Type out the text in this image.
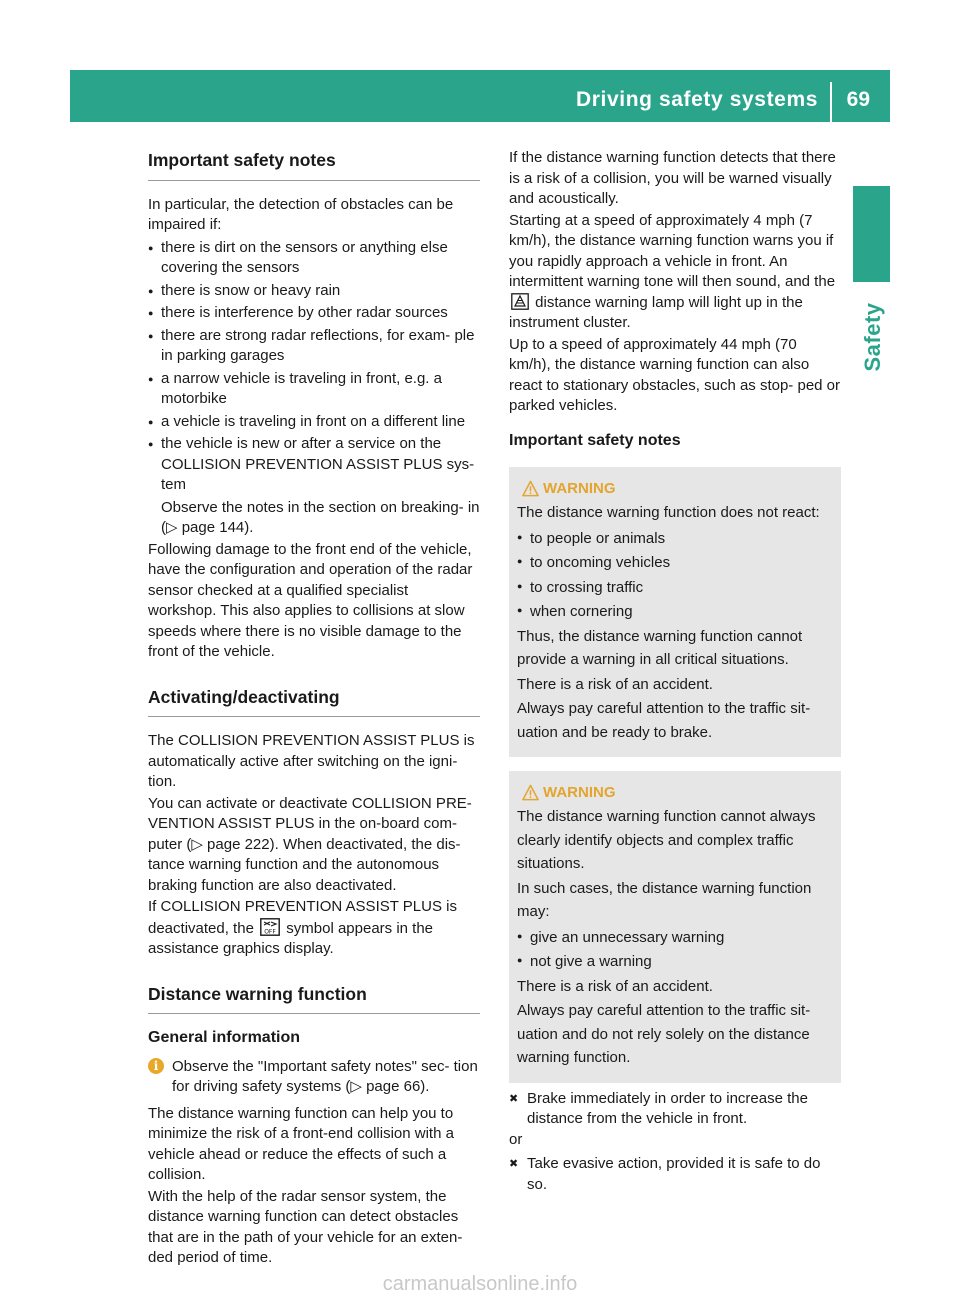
Driving safety systems 69
Safety
Important safety notes

In particular, the detection of obstacles can be impaired if:

● there is dirt on the sensors or anything else covering the sensors
● there is snow or heavy rain
● there is interference by other radar sources
● there are strong radar reflections, for exam- ple in parking garages
● a narrow vehicle is traveling in front, e.g. a motorbike
● a vehicle is traveling in front on a different line
● the vehicle is new or after a service on the COLLISION PREVENTION ASSIST PLUS sys- tem

Observe the notes in the section on breaking- in (▷ page 144).

Following damage to the front end of the vehicle, have the configuration and operation of the radar sensor checked at a qualified specialist workshop. This also applies to collisions at slow speeds where there is no visible damage to the front of the vehicle.

Activating/deactivating

The COLLISION PREVENTION ASSIST PLUS is automatically active after switching on the igni- tion.

You can activate or deactivate COLLISION PRE- VENTION ASSIST PLUS in the on-board com- puter (▷ page 222). When deactivated, the dis- tance warning function and the autonomous braking function are also deactivated.

If COLLISION PREVENTION ASSIST PLUS is deactivated, the OFF symbol appears in the assistance graphics display.

Distance warning function
General information
i Observe the "Important safety notes" sec- tion for driving safety systems (▷ page 66).

The distance warning function can help you to minimize the risk of a front-end collision with a vehicle ahead or reduce the effects of such a collision.

With the help of the radar sensor system, the distance warning function can detect obstacles that are in the path of your vehicle for an exten- ded period of time.

If the distance warning function detects that there is a risk of a collision, you will be warned visually and acoustically.

Starting at a speed of approximately 4 mph (7 km/h), the distance warning function warns you if you rapidly approach a vehicle in front. An intermittent warning tone will then sound, and the  distance warning lamp will light up in the instrument cluster.

Up to a speed of approximately 44 mph (70 km/h), the distance warning function can also react to stationary obstacles, such as stop- ped or parked vehicles.

Important safety notes
WARNING

The distance warning function does not react:

● to people or animals
● to oncoming vehicles
● to crossing traffic
● when cornering

Thus, the distance warning function cannot provide a warning in all critical situations.

There is a risk of an accident.

Always pay careful attention to the traffic sit- uation and be ready to brake.

WARNING

The distance warning function cannot always clearly identify objects and complex traffic situations.

In such cases, the distance warning function may:

● give an unnecessary warning
● not give a warning

There is a risk of an accident.

Always pay careful attention to the traffic sit- uation and do not rely solely on the distance warning function.

✖ Brake immediately in order to increase the distance from the vehicle in front.

or

✖ Take evasive action, provided it is safe to do so.
carmanualsonline.info
